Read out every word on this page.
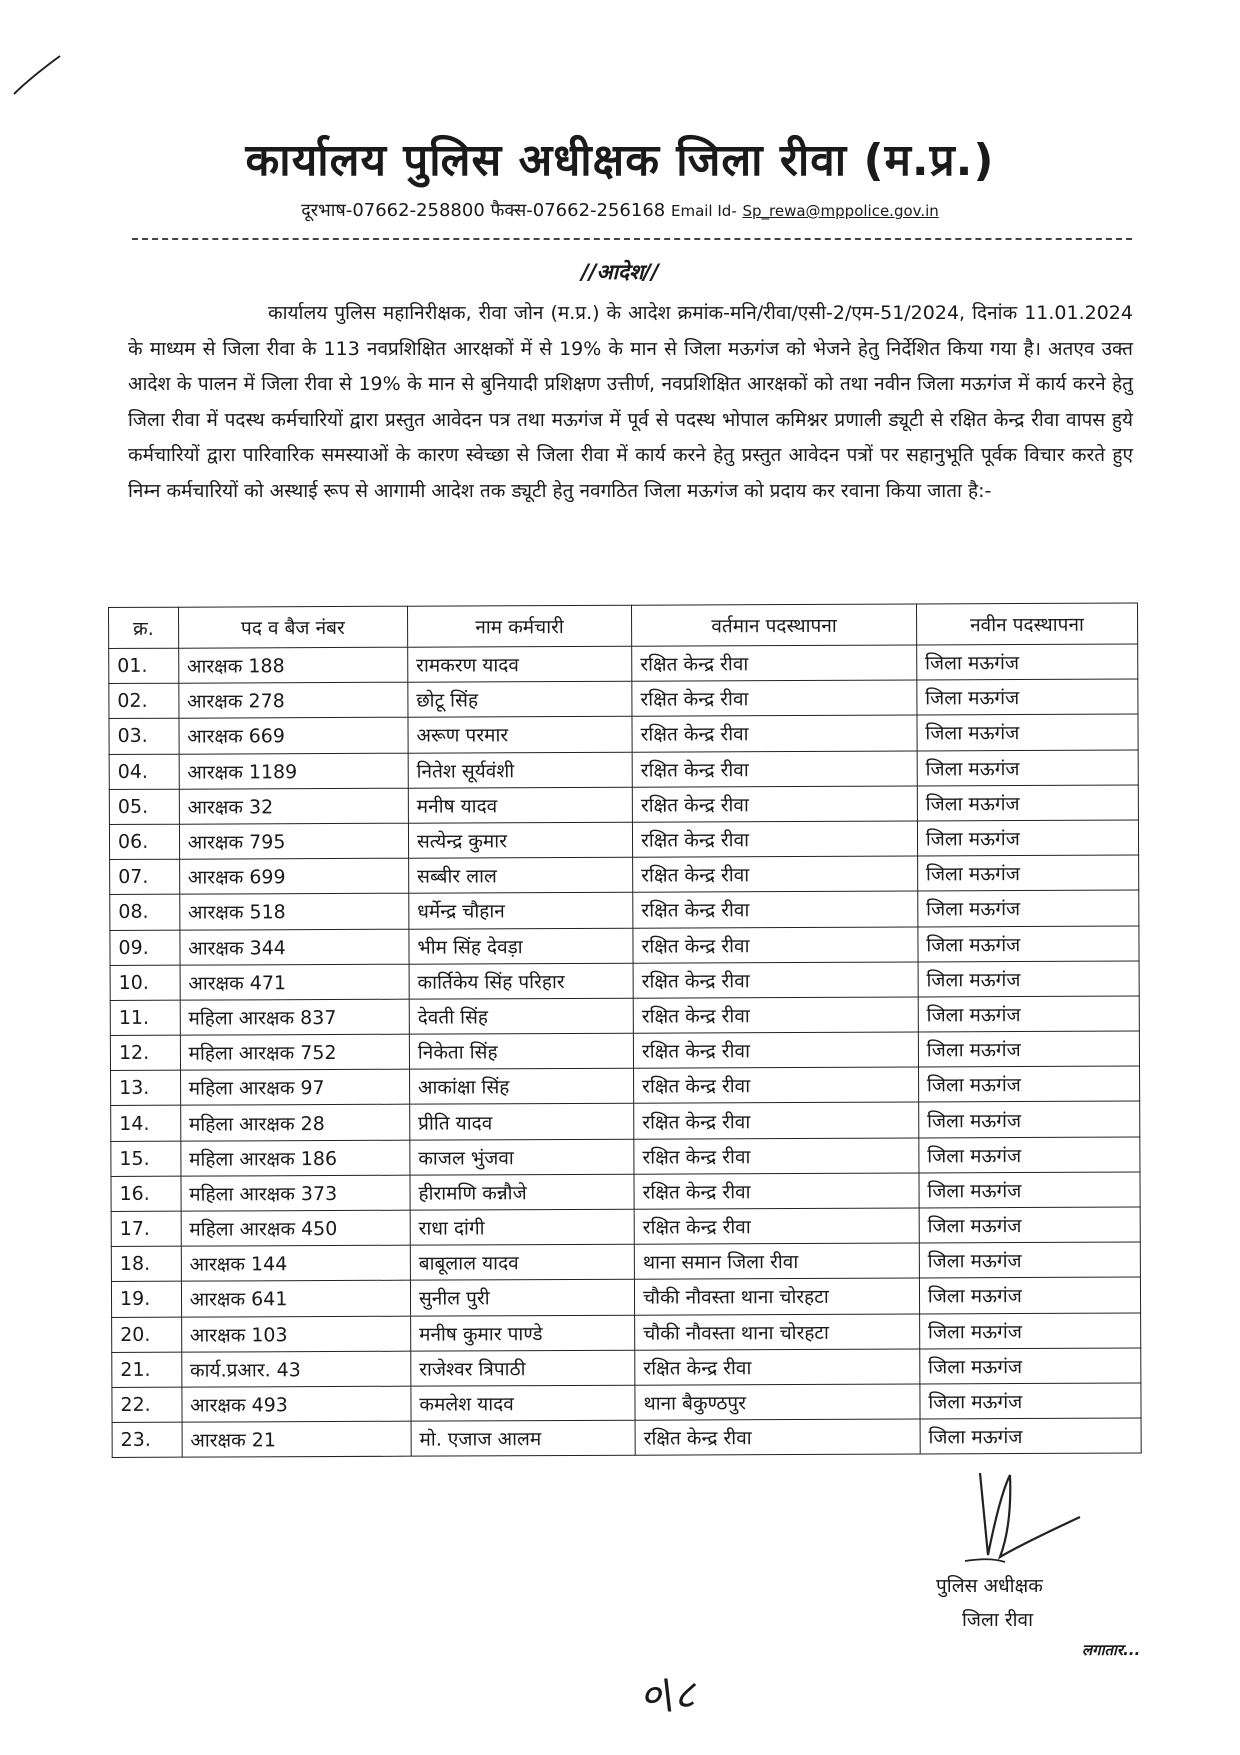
कार्यालय पुलिस अधीक्षक जिला रीवा (म.प्र.)
दूरभाष-07662-258800 फैक्स-07662-256168 Email Id- Sp_rewa@mppolice.gov.in
//आदेश//
कार्यालय पुलिस महानिरीक्षक, रीवा जोन (म.प्र.) के आदेश क्रमांक-मनि/रीवा/एसी-2/एम-51/2024, दिनांक 11.01.2024 के माध्यम से जिला रीवा के 113 नवप्रशिक्षित आरक्षकों में से 19% के मान से जिला मऊगंज को भेजने हेतु निर्देशित किया गया है। अतएव उक्त आदेश के पालन में जिला रीवा से 19% के मान से बुनियादी प्रशिक्षण उत्तीर्ण, नवप्रशिक्षित आरक्षकों को तथा नवीन जिला मऊगंज में कार्य करने हेतु जिला रीवा में पदस्थ कर्मचारियों द्वारा प्रस्तुत आवेदन पत्र तथा मऊगंज में पूर्व से पदस्थ भोपाल कमिश्नर प्रणाली ड्यूटी से रक्षित केन्द्र रीवा वापस हुये कर्मचारियों द्वारा पारिवारिक समस्याओं के कारण स्वेच्छा से जिला रीवा में कार्य करने हेतु प्रस्तुत आवेदन पत्रों पर सहानुभूति पूर्वक विचार करते हुए निम्न कर्मचारियों को अस्थाई रूप से आगामी आदेश तक ड्यूटी हेतु नवगठित जिला मऊगंज को प्रदाय कर रवाना किया जाता है:-
क्र.	पद व बैज नंबर	नाम कर्मचारी	वर्तमान पदस्थापना	नवीन पदस्थापना
01.	आरक्षक 188	रामकरण यादव	रक्षित केन्द्र रीवा	जिला मऊगंज
02.	आरक्षक 278	छोटू सिंह	रक्षित केन्द्र रीवा	जिला मऊगंज
03.	आरक्षक 669	अरूण परमार	रक्षित केन्द्र रीवा	जिला मऊगंज
04.	आरक्षक 1189	नितेश सूर्यवंशी	रक्षित केन्द्र रीवा	जिला मऊगंज
05.	आरक्षक 32	मनीष यादव	रक्षित केन्द्र रीवा	जिला मऊगंज
06.	आरक्षक 795	सत्येन्द्र कुमार	रक्षित केन्द्र रीवा	जिला मऊगंज
07.	आरक्षक 699	सब्बीर लाल	रक्षित केन्द्र रीवा	जिला मऊगंज
08.	आरक्षक 518	धर्मेन्द्र चौहान	रक्षित केन्द्र रीवा	जिला मऊगंज
09.	आरक्षक 344	भीम सिंह देवड़ा	रक्षित केन्द्र रीवा	जिला मऊगंज
10.	आरक्षक 471	कार्तिकेय सिंह परिहार	रक्षित केन्द्र रीवा	जिला मऊगंज
11.	महिला आरक्षक 837	देवती सिंह	रक्षित केन्द्र रीवा	जिला मऊगंज
12.	महिला आरक्षक 752	निकेता सिंह	रक्षित केन्द्र रीवा	जिला मऊगंज
13.	महिला आरक्षक 97	आकांक्षा सिंह	रक्षित केन्द्र रीवा	जिला मऊगंज
14.	महिला आरक्षक 28	प्रीति यादव	रक्षित केन्द्र रीवा	जिला मऊगंज
15.	महिला आरक्षक 186	काजल भुंजवा	रक्षित केन्द्र रीवा	जिला मऊगंज
16.	महिला आरक्षक 373	हीरामणि कन्नौजे	रक्षित केन्द्र रीवा	जिला मऊगंज
17.	महिला आरक्षक 450	राधा दांगी	रक्षित केन्द्र रीवा	जिला मऊगंज
18.	आरक्षक 144	बाबूलाल यादव	थाना समान जिला रीवा	जिला मऊगंज
19.	आरक्षक 641	सुनील पुरी	चौकी नौवस्ता थाना चोरहटा	जिला मऊगंज
20.	आरक्षक 103	मनीष कुमार पाण्डे	चौकी नौवस्ता थाना चोरहटा	जिला मऊगंज
21.	कार्य.प्रआर. 43	राजेश्वर त्रिपाठी	रक्षित केन्द्र रीवा	जिला मऊगंज
22.	आरक्षक 493	कमलेश यादव	थाना बैकुण्ठपुर	जिला मऊगंज
23.	आरक्षक 21	मो. एजाज आलम	रक्षित केन्द्र रीवा	जिला मऊगंज
पुलिस अधीक्षक
जिला रीवा
लगातार...
०\८
